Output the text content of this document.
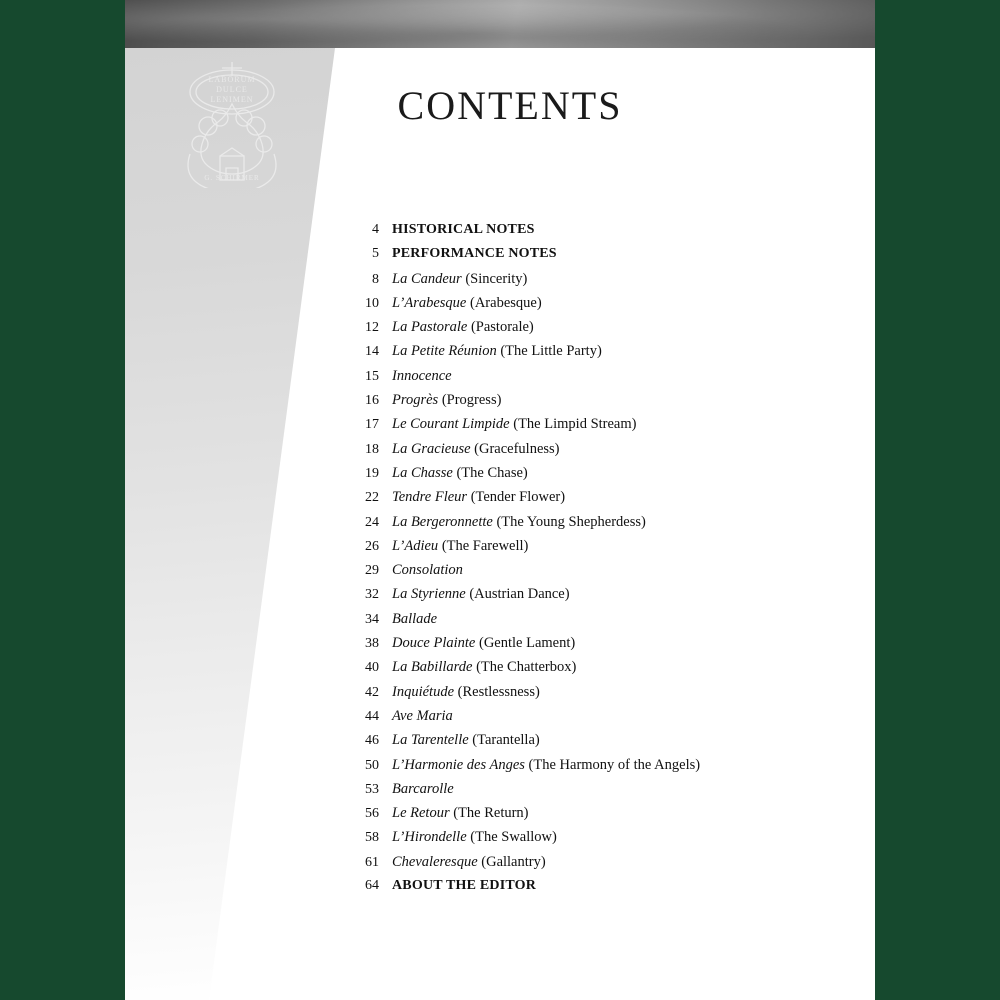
LABORUM
DULCE
LENIMEN
G. SCHIRMER
CONTENTS
4 HISTORICAL NOTES
5 PERFORMANCE NOTES
8 La Candeur (Sincerity)
10 L’Arabesque (Arabesque)
12 La Pastorale (Pastorale)
14 La Petite Réunion (The Little Party)
15 Innocence
16 Progrès (Progress)
17 Le Courant Limpide (The Limpid Stream)
18 La Gracieuse (Gracefulness)
19 La Chasse (The Chase)
22 Tendre Fleur (Tender Flower)
24 La Bergeronnette (The Young Shepherdess)
26 L’Adieu (The Farewell)
29 Consolation
32 La Styrienne (Austrian Dance)
34 Ballade
38 Douce Plainte (Gentle Lament)
40 La Babillarde (The Chatterbox)
42 Inquiétude (Restlessness)
44 Ave Maria
46 La Tarentelle (Tarantella)
50 L’Harmonie des Anges (The Harmony of the Angels)
53 Barcarolle
56 Le Retour (The Return)
58 L’Hirondelle (The Swallow)
61 Chevaleresque (Gallantry)
64 ABOUT THE EDITOR
